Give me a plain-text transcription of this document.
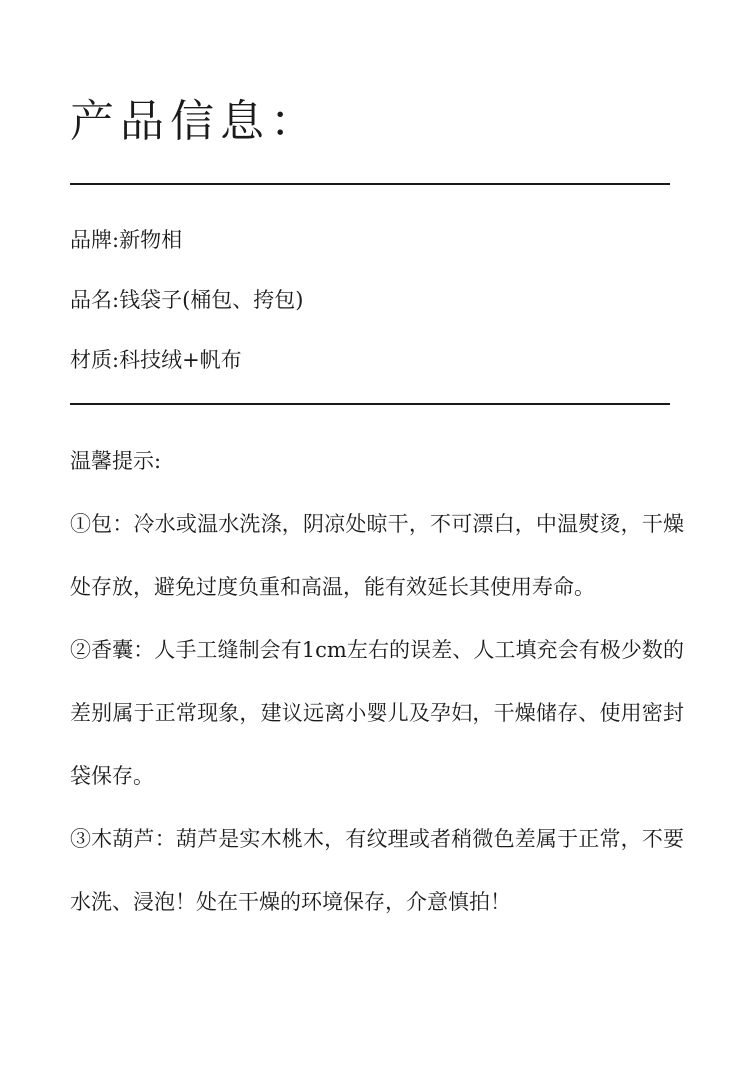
产品信息：
品牌:新物相
品名:钱袋子(桶包、挎包)
材质:科技绒+帆布

温馨提示:

①包：冷水或温水洗涤，阴凉处晾干，不可漂白，中温熨烫，干燥处存放，避免过度负重和高温，能有效延长其使用寿命。

②香囊：人手工缝制会有1cm左右的误差、人工填充会有极少数的差别属于正常现象，建议远离小婴儿及孕妇，干燥储存、使用密封袋保存。

③木葫芦：葫芦是实木桃木，有纹理或者稍微色差属于正常，不要水洗、浸泡！处在干燥的环境保存，介意慎拍！
